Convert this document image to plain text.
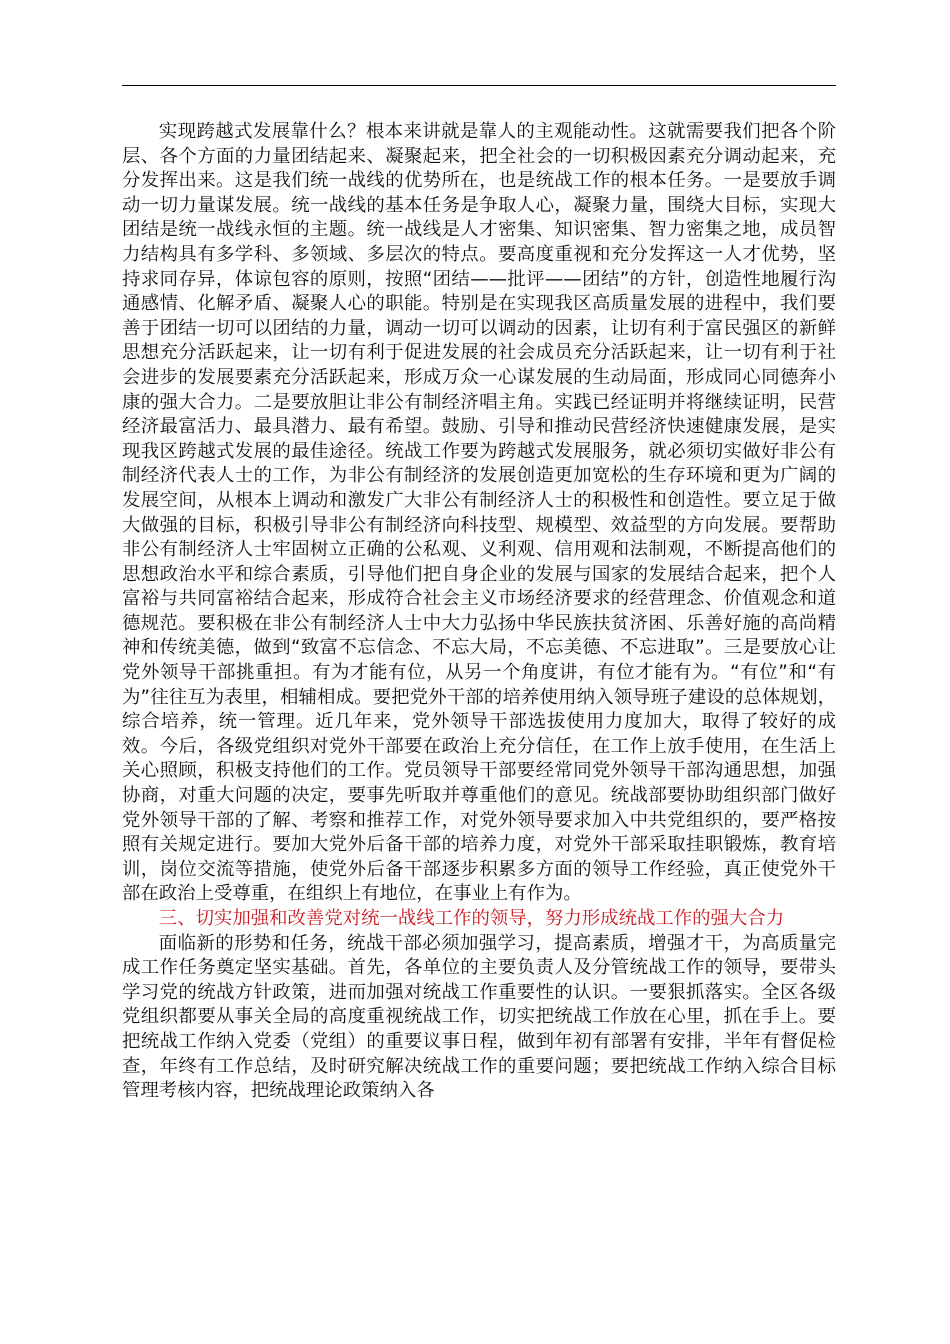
实现跨越式发展靠什么？根本来讲就是靠人的主观能动性。这就需要我们把各个阶层、各个方面的力量团结起来、凝聚起来，把全社会的一切积极因素充分调动起来，充分发挥出来。这是我们统一战线的优势所在，也是统战工作的根本任务。一是要放手调动一切力量谋发展。统一战线的基本任务是争取人心，凝聚力量，围绕大目标，实现大团结是统一战线永恒的主题。统一战线是人才密集、知识密集、智力密集之地，成员智力结构具有多学科、多领域、多层次的特点。要高度重视和充分发挥这一人才优势，坚持求同存异，体谅包容的原则，按照“团结——批评——团结”的方针，创造性地履行沟通感情、化解矛盾、凝聚人心的职能。特别是在实现我区高质量发展的进程中，我们要善于团结一切可以团结的力量，调动一切可以调动的因素，让切有利于富民强区的新鲜思想充分活跃起来，让一切有利于促进发展的社会成员充分活跃起来，让一切有利于社会进步的发展要素充分活跃起来，形成万众一心谋发展的生动局面，形成同心同德奔小康的强大合力。二是要放胆让非公有制经济唱主角。实践已经证明并将继续证明，民营经济最富活力、最具潜力、最有希望。鼓励、引导和推动民营经济快速健康发展，是实现我区跨越式发展的最佳途径。统战工作要为跨越式发展服务，就必须切实做好非公有制经济代表人士的工作，为非公有制经济的发展创造更加宽松的生存环境和更为广阔的发展空间，从根本上调动和激发广大非公有制经济人士的积极性和创造性。要立足于做大做强的目标，积极引导非公有制经济向科技型、规模型、效益型的方向发展。要帮助非公有制经济人士牢固树立正确的公私观、义利观、信用观和法制观，不断提高他们的思想政治水平和综合素质，引导他们把自身企业的发展与国家的发展结合起来，把个人富裕与共同富裕结合起来，形成符合社会主义市场经济要求的经营理念、价值观念和道德规范。要积极在非公有制经济人士中大力弘扬中华民族扶贫济困、乐善好施的高尚精神和传统美德，做到“致富不忘信念、不忘大局，不忘美德、不忘进取”。三是要放心让党外领导干部挑重担。有为才能有位，从另一个角度讲，有位才能有为。“有位”和“有为”往往互为表里，相辅相成。要把党外干部的培养使用纳入领导班子建设的总体规划，综合培养，统一管理。近几年来，党外领导干部选拔使用力度加大，取得了较好的成效。今后，各级党组织对党外干部要在政治上充分信任，在工作上放手使用，在生活上关心照顾，积极支持他们的工作。党员领导干部要经常同党外领导干部沟通思想，加强协商，对重大问题的决定，要事先听取并尊重他们的意见。统战部要协助组织部门做好党外领导干部的了解、考察和推荐工作，对党外领导要求加入中共党组织的，要严格按照有关规定进行。要加大党外后备干部的培养力度，对党外干部采取挂职锻炼，教育培训，岗位交流等措施，使党外后备干部逐步积累多方面的领导工作经验，真正使党外干部在政治上受尊重，在组织上有地位，在事业上有作为。

三、切实加强和改善党对统一战线工作的领导，努力形成统战工作的强大合力

面临新的形势和任务，统战干部必须加强学习，提高素质，增强才干，为高质量完成工作任务奠定坚实基础。首先，各单位的主要负责人及分管统战工作的领导，要带头学习党的统战方针政策，进而加强对统战工作重要性的认识。一要狠抓落实。全区各级党组织都要从事关全局的高度重视统战工作，切实把统战工作放在心里，抓在手上。要把统战工作纳入党委（党组）的重要议事日程，做到年初有部署有安排，半年有督促检查，年终有工作总结，及时研究解决统战工作的重要问题；要把统战工作纳入综合目标管理考核内容，把统战理论政策纳入各
